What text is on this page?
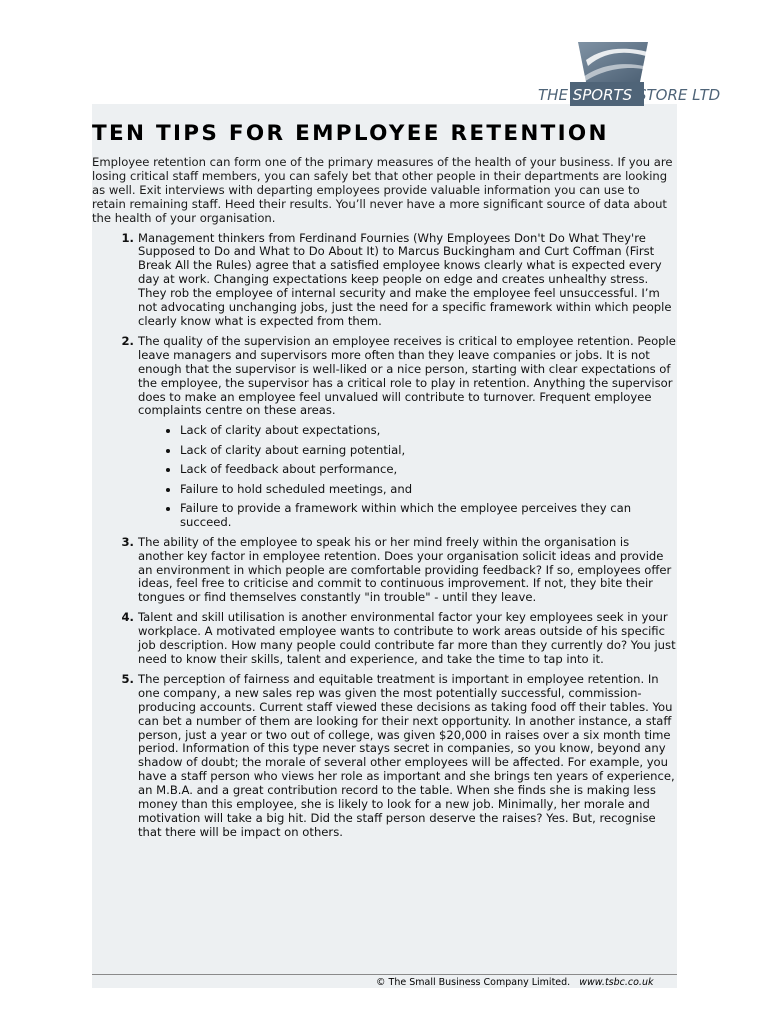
THE SPORTS STORE LTD
TEN TIPS FOR EMPLOYEE RETENTION

Employee retention can form one of the primary measures of the health of your business. If you are losing critical staff members, you can safely bet that other people in their departments are looking as well. Exit interviews with departing employees provide valuable information you can use to retain remaining staff. Heed their results. You’ll never have a more significant source of data about the health of your organisation.

1. Management thinkers from Ferdinand Fournies (Why Employees Don't Do What They're Supposed to Do and What to Do About It) to Marcus Buckingham and Curt Coffman (First Break All the Rules) agree that a satisfied employee knows clearly what is expected every day at work. Changing expectations keep people on edge and creates unhealthy stress. They rob the employee of internal security and make the employee feel unsuccessful. I’m not advocating unchanging jobs, just the need for a specific framework within which people clearly know what is expected from them.
2. The quality of the supervision an employee receives is critical to employee retention. People leave managers and supervisors more often than they leave companies or jobs. It is not enough that the supervisor is well-liked or a nice person, starting with clear expectations of the employee, the supervisor has a critical role to play in retention. Anything the supervisor does to make an employee feel unvalued will contribute to turnover. Frequent employee complaints centre on these areas.
• Lack of clarity about expectations,
• Lack of clarity about earning potential,
• Lack of feedback about performance,
• Failure to hold scheduled meetings, and
• Failure to provide a framework within which the employee perceives they can succeed.
3. The ability of the employee to speak his or her mind freely within the organisation is another key factor in employee retention. Does your organisation solicit ideas and provide an environment in which people are comfortable providing feedback? If so, employees offer ideas, feel free to criticise and commit to continuous improvement. If not, they bite their tongues or find themselves constantly "in trouble" - until they leave.
4. Talent and skill utilisation is another environmental factor your key employees seek in your workplace. A motivated employee wants to contribute to work areas outside of his specific job description. How many people could contribute far more than they currently do? You just need to know their skills, talent and experience, and take the time to tap into it.
5. The perception of fairness and equitable treatment is important in employee retention. In one company, a new sales rep was given the most potentially successful, commission-producing accounts. Current staff viewed these decisions as taking food off their tables. You can bet a number of them are looking for their next opportunity. In another instance, a staff person, just a year or two out of college, was given $20,000 in raises over a six month time period. Information of this type never stays secret in companies, so you know, beyond any shadow of doubt; the morale of several other employees will be affected. For example, you have a staff person who views her role as important and she brings ten years of experience, an M.B.A. and a great contribution record to the table. When she finds she is making less money than this employee, she is likely to look for a new job. Minimally, her morale and motivation will take a big hit. Did the staff person deserve the raises? Yes. But, recognise that there will be impact on others.
© The Small Business Company Limited. www.tsbc.co.uk
